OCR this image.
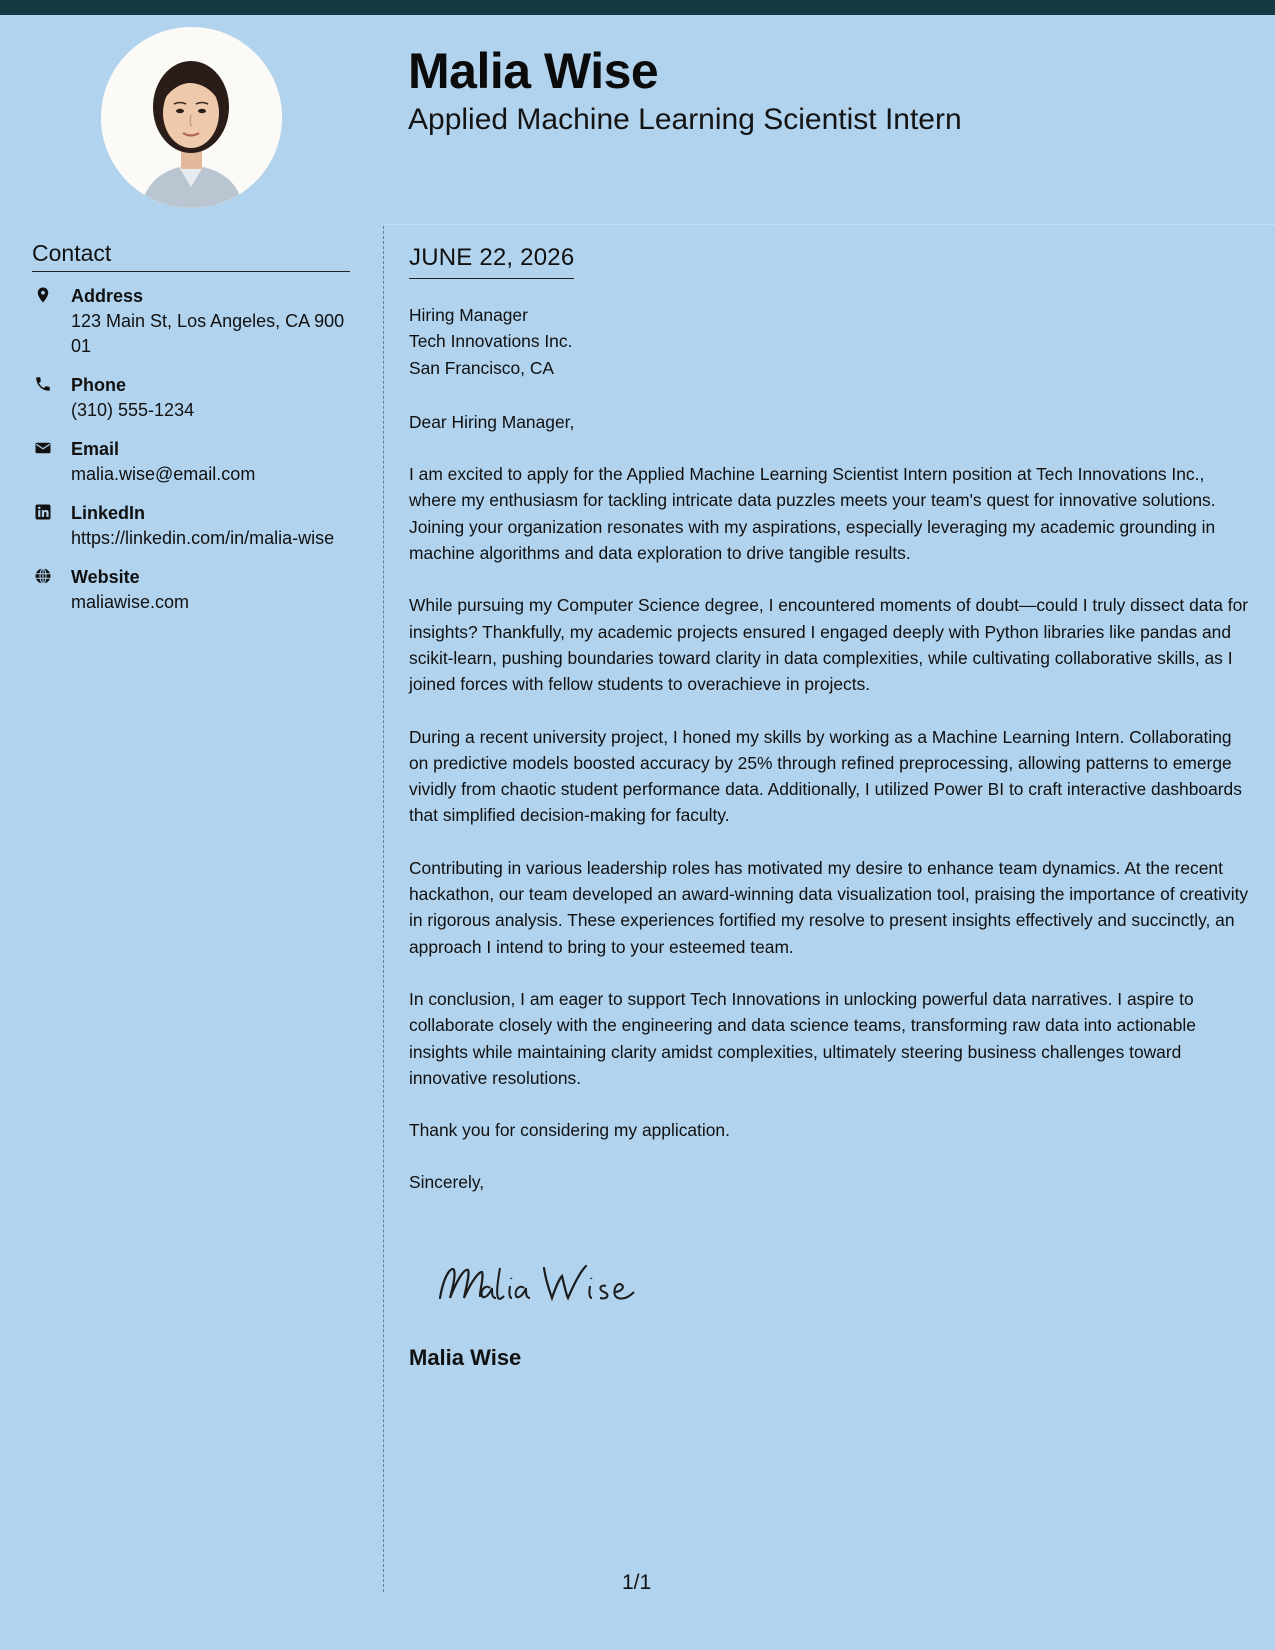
Malia Wise
Applied Machine Learning Scientist Intern
Contact
Address
123 Main St, Los Angeles, CA 90001
Phone
(310) 555-1234
Email
malia.wise@email.com
LinkedIn
https://linkedin.com/in/malia-wise
Website
maliawise.com
JUNE 22, 2026
Hiring Manager
Tech Innovations Inc.
San Francisco, CA

Dear Hiring Manager,

I am excited to apply for the Applied Machine Learning Scientist Intern position at Tech Innovations Inc., where my enthusiasm for tackling intricate data puzzles meets your team's quest for innovative solutions. Joining your organization resonates with my aspirations, especially leveraging my academic grounding in machine algorithms and data exploration to drive tangible results.

While pursuing my Computer Science degree, I encountered moments of doubt—could I truly dissect data for insights? Thankfully, my academic projects ensured I engaged deeply with Python libraries like pandas and scikit-learn, pushing boundaries toward clarity in data complexities, while cultivating collaborative skills, as I joined forces with fellow students to overachieve in projects.

During a recent university project, I honed my skills by working as a Machine Learning Intern. Collaborating on predictive models boosted accuracy by 25% through refined preprocessing, allowing patterns to emerge vividly from chaotic student performance data. Additionally, I utilized Power BI to craft interactive dashboards that simplified decision-making for faculty.

Contributing in various leadership roles has motivated my desire to enhance team dynamics. At the recent hackathon, our team developed an award-winning data visualization tool, praising the importance of creativity in rigorous analysis. These experiences fortified my resolve to present insights effectively and succinctly, an approach I intend to bring to your esteemed team.

In conclusion, I am eager to support Tech Innovations in unlocking powerful data narratives. I aspire to collaborate closely with the engineering and data science teams, transforming raw data into actionable insights while maintaining clarity amidst complexities, ultimately steering business challenges toward innovative resolutions.

Thank you for considering my application.

Sincerely,

Malia Wise
1/1
